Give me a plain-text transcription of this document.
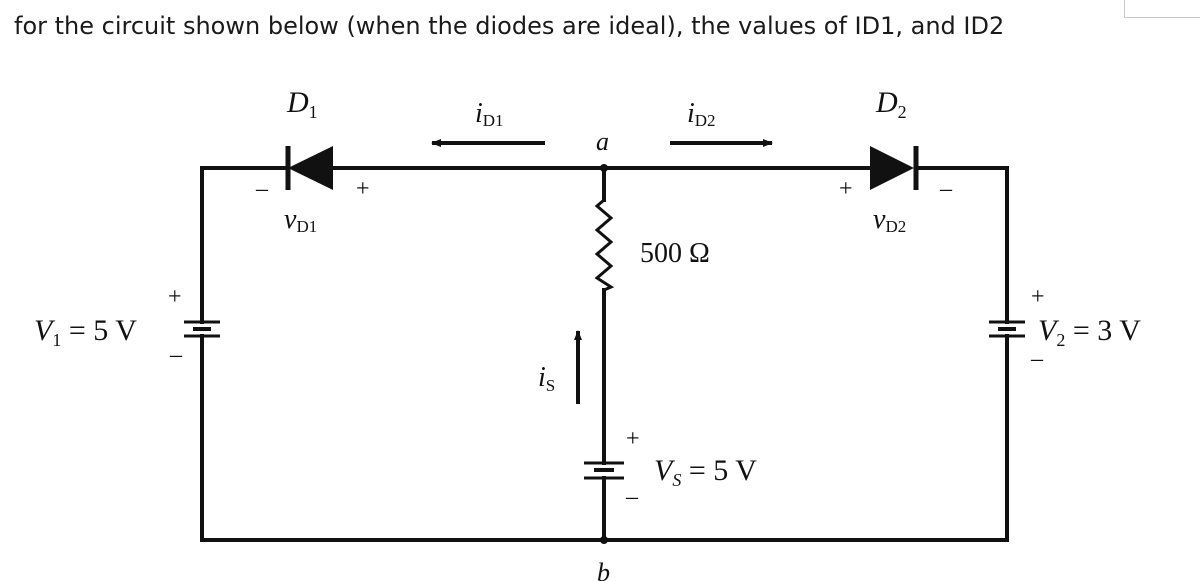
for the circuit shown below (when the diodes are ideal), the values of ID1, and ID2
$D_1$	$D_2$
iD1	iD2
a
b
–	+
vD1
+	–
vD2
500 Ω
+
$V_1 = 5$ V
–
+
$V_2 = 3$ V
–
iS
+
$V_S = 5$ V
–
